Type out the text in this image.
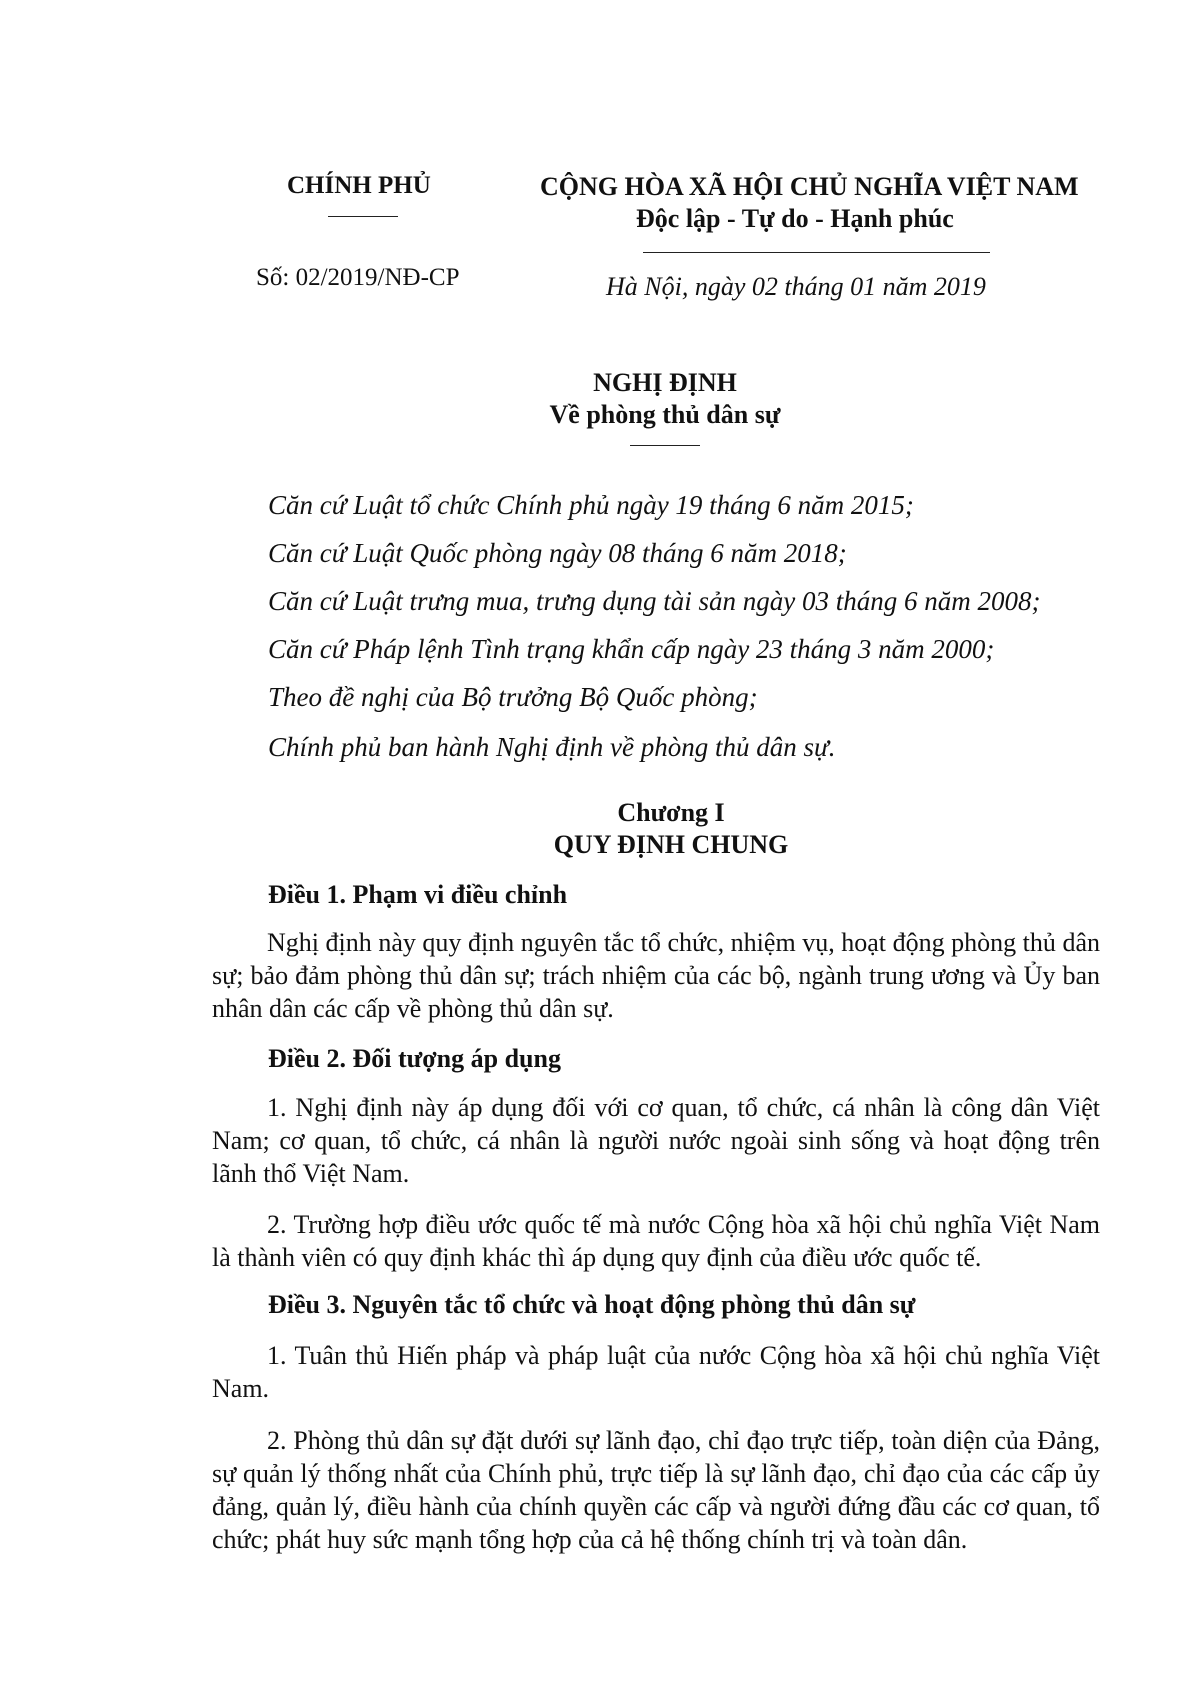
CHÍNH PHỦ	CỘNG HÒA XÃ HỘI CHỦ NGHĨA VIỆT NAM
Độc lập - Tự do - Hạnh phúc
Số: 02/2019/NĐ-CP	Hà Nội, ngày 02 tháng 01 năm 2019
NGHỊ ĐỊNH
Về phòng thủ dân sự
Căn cứ Luật tổ chức Chính phủ ngày 19 tháng 6 năm 2015;
Căn cứ Luật Quốc phòng ngày 08 tháng 6 năm 2018;
Căn cứ Luật trưng mua, trưng dụng tài sản ngày 03 tháng 6 năm 2008;
Căn cứ Pháp lệnh Tình trạng khẩn cấp ngày 23 tháng 3 năm 2000;
Theo đề nghị của Bộ trưởng Bộ Quốc phòng;
Chính phủ ban hành Nghị định về phòng thủ dân sự.
Chương I
QUY ĐỊNH CHUNG
Điều 1. Phạm vi điều chỉnh
Nghị định này quy định nguyên tắc tổ chức, nhiệm vụ, hoạt động phòng thủ dân sự; bảo đảm phòng thủ dân sự; trách nhiệm của các bộ, ngành trung ương và Ủy ban nhân dân các cấp về phòng thủ dân sự.
Điều 2. Đối tượng áp dụng
1. Nghị định này áp dụng đối với cơ quan, tổ chức, cá nhân là công dân Việt Nam; cơ quan, tổ chức, cá nhân là người nước ngoài sinh sống và hoạt động trên lãnh thổ Việt Nam.
2. Trường hợp điều ước quốc tế mà nước Cộng hòa xã hội chủ nghĩa Việt Nam là thành viên có quy định khác thì áp dụng quy định của điều ước quốc tế.
Điều 3. Nguyên tắc tổ chức và hoạt động phòng thủ dân sự
1. Tuân thủ Hiến pháp và pháp luật của nước Cộng hòa xã hội chủ nghĩa Việt Nam.
2. Phòng thủ dân sự đặt dưới sự lãnh đạo, chỉ đạo trực tiếp, toàn diện của Đảng, sự quản lý thống nhất của Chính phủ, trực tiếp là sự lãnh đạo, chỉ đạo của các cấp ủy đảng, quản lý, điều hành của chính quyền các cấp và người đứng đầu các cơ quan, tổ chức; phát huy sức mạnh tổng hợp của cả hệ thống chính trị và toàn dân.
